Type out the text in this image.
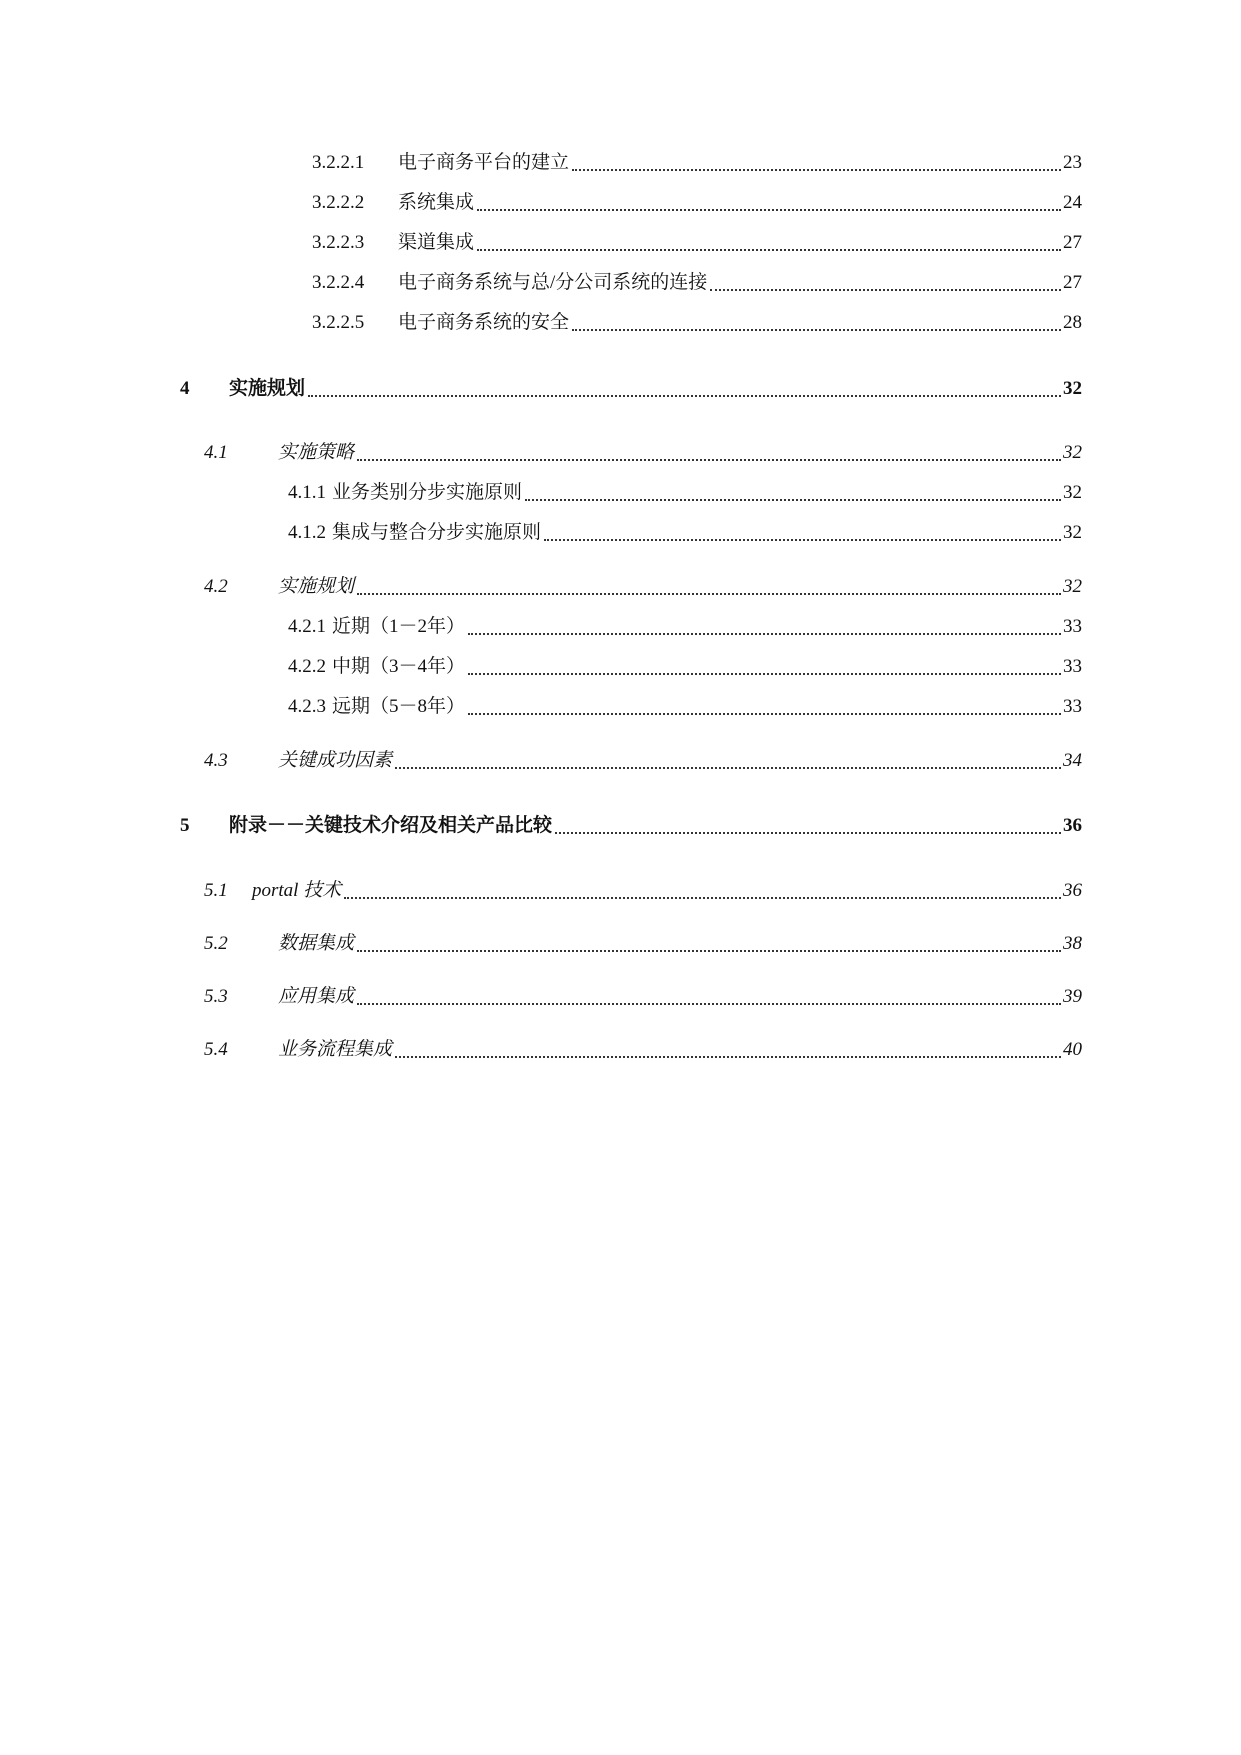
3.2.2.1	电子商务平台的建立	23
3.2.2.2	系统集成	24
3.2.2.3	渠道集成	27
3.2.2.4	电子商务系统与总/分公司系统的连接	27
3.2.2.5	电子商务系统的安全	28
4	实施规划	32
4.1	实施策略	32
4.1.1 业务类别分步实施原则	32
4.1.2 集成与整合分步实施原则	32
4.2	实施规划	32
4.2.1 近期（1－2年）	33
4.2.2 中期（3－4年）	33
4.2.3 远期（5－8年）	33
4.3	关键成功因素	34
5	附录－－关键技术介绍及相关产品比较	36
5.1	portal 技术	36
5.2	数据集成	38
5.3	应用集成	39
5.4	业务流程集成	40
